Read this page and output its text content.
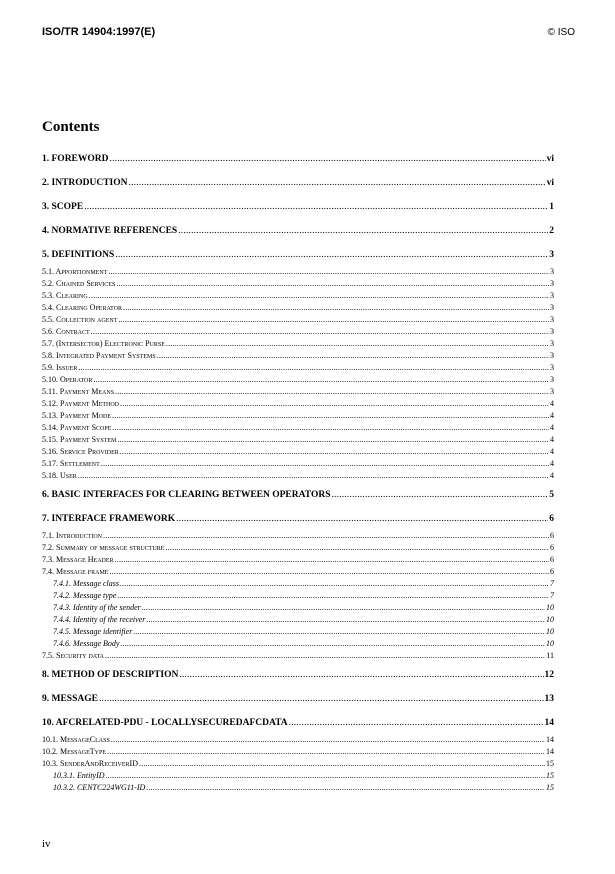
ISO/TR 14904:1997(E)	© ISO
Contents
1. FOREWORD .....	vi
2. INTRODUCTION .....	vi
3. SCOPE .....	1
4. NORMATIVE REFERENCES .....	2
5. DEFINITIONS .....	3
5.1. Apportionment .....	3
5.2. Chained Services .....	3
5.3. Clearing .....	3
5.4. Clearing Operator .....	3
5.5. Collection agent .....	3
5.6. Contract .....	3
5.7. (Intersector) Electronic Purse .....	3
5.8. Integrated Payment Systems .....	3
5.9. Issuer .....	3
5.10. Operator .....	3
5.11. Payment Means .....	3
5.12. Payment Method .....	4
5.13. Payment Mode .....	4
5.14. Payment Scope .....	4
5.15. Payment System .....	4
5.16. Service Provider .....	4
5.17. Settlement .....	4
5.18. User .....	4
6. BASIC INTERFACES FOR CLEARING BETWEEN OPERATORS .....	5
7. INTERFACE FRAMEWORK .....	6
7.1. Introduction .....	6
7.2. Summary of message structure .....	6
7.3. Message Header .....	6
7.4. Message frame .....	6
7.4.1. Message class .....	7
7.4.2. Message type .....	7
7.4.3. Identity of the sender .....	10
7.4.4. Identity of the receiver .....	10
7.4.5. Message identifier .....	10
7.4.6. Message Body .....	10
7.5. Security data .....	11
8. METHOD OF DESCRIPTION .....	12
9. MESSAGE .....	13
10. AFCRELATED-PDU - LOCALLYSECUREDAFCDATA .....	14
10.1. MessageClass .....	14
10.2. MessageType .....	14
10.3. SenderAndReceiverID .....	15
10.3.1. EntityID .....	15
10.3.2. CENTC224WG11-ID .....	15
iv
